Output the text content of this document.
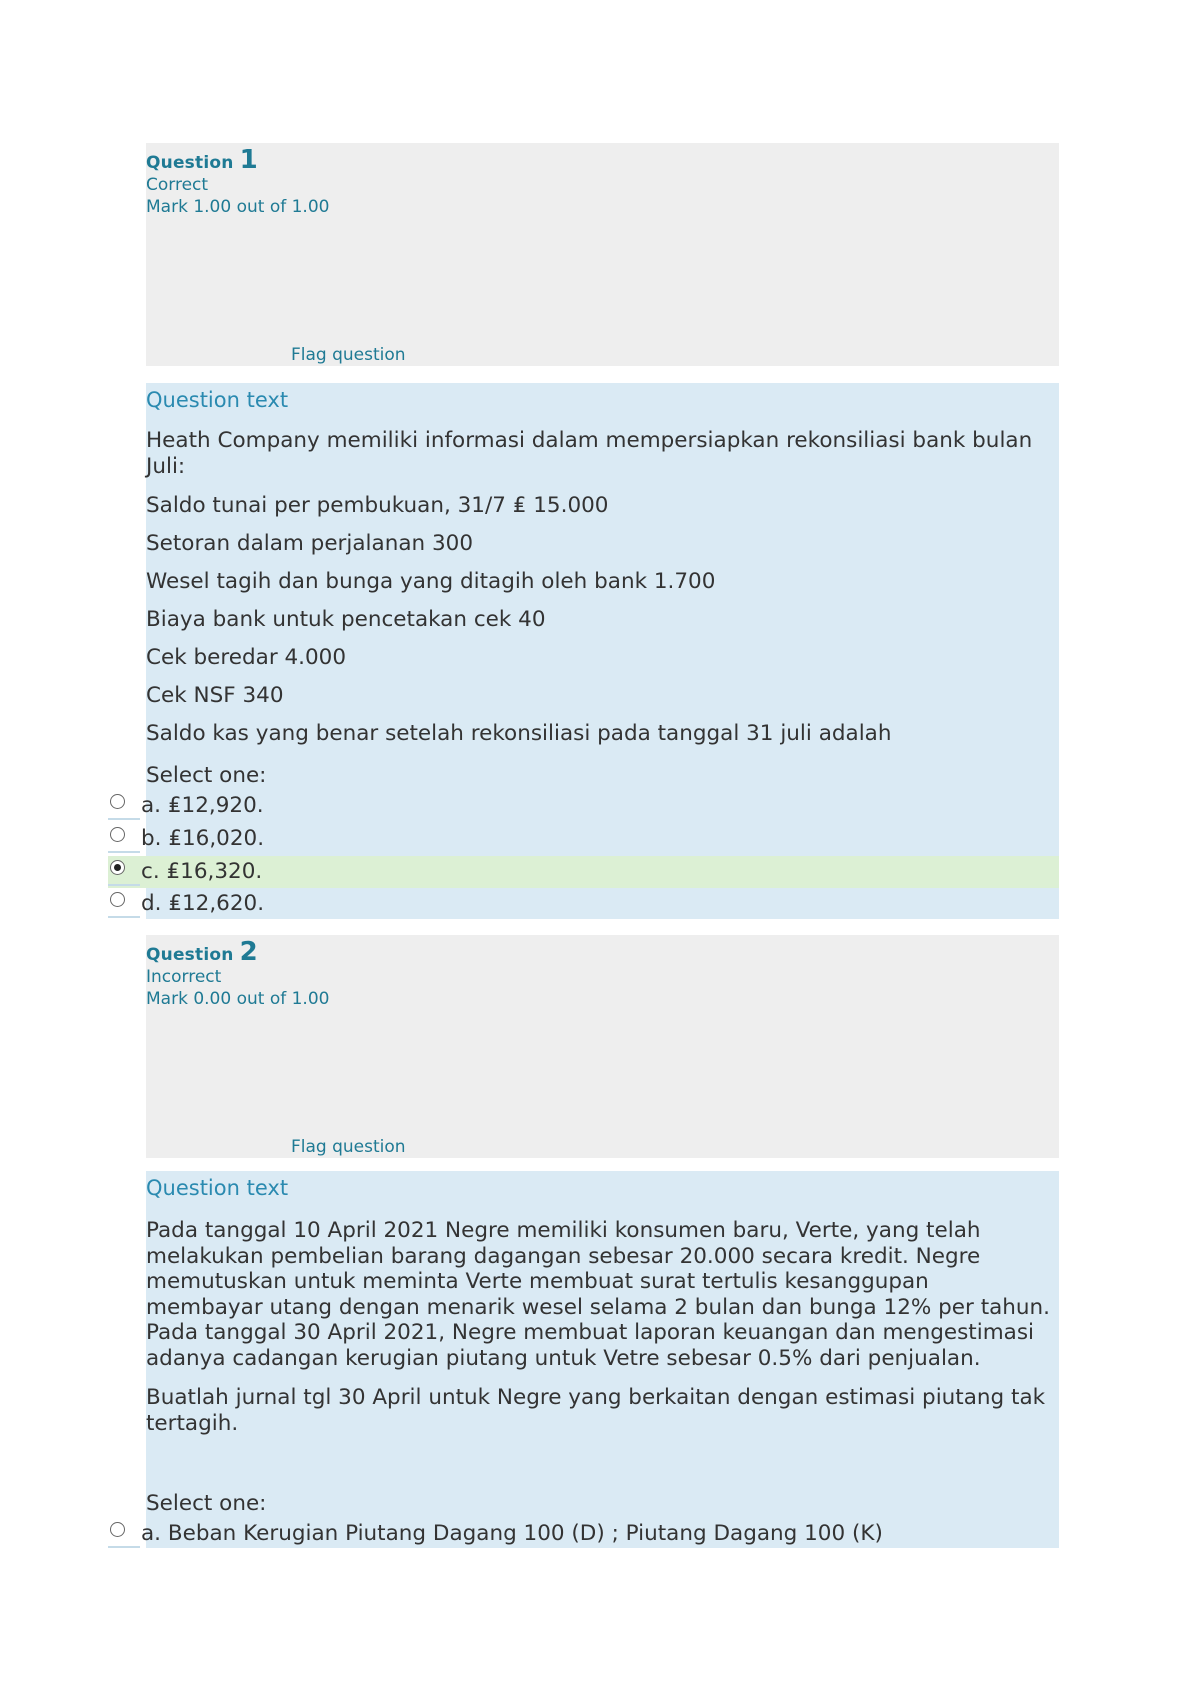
Question 1
Correct
Mark 1.00 out of 1.00
Flag question
Question text
Heath Company memiliki informasi dalam mempersiapkan rekonsiliasi bank bulan Juli:
Saldo tunai per pembukuan, 31/7 ₤ 15.000
Setoran dalam perjalanan 300
Wesel tagih dan bunga yang ditagih oleh bank 1.700
Biaya bank untuk pencetakan cek 40
Cek beredar 4.000
Cek NSF 340
Saldo kas yang benar setelah rekonsiliasi pada tanggal 31 juli adalah
Select one:
a. ₤12,920.
b. ₤16,020.
c. ₤16,320.
d. ₤12,620.
Question 2
Incorrect
Mark 0.00 out of 1.00
Flag question
Question text
Pada tanggal 10 April 2021 Negre memiliki konsumen baru, Verte, yang telah melakukan pembelian barang dagangan sebesar 20.000 secara kredit. Negre memutuskan untuk meminta Verte membuat surat tertulis kesanggupan membayar utang dengan menarik wesel selama 2 bulan dan bunga 12% per tahun. Pada tanggal 30 April 2021, Negre membuat laporan keuangan dan mengestimasi adanya cadangan kerugian piutang untuk Vetre sebesar 0.5% dari penjualan.
Buatlah jurnal tgl 30 April untuk Negre yang berkaitan dengan estimasi piutang tak tertagih.
Select one:
a. Beban Kerugian Piutang Dagang 100 (D) ; Piutang Dagang 100 (K)
